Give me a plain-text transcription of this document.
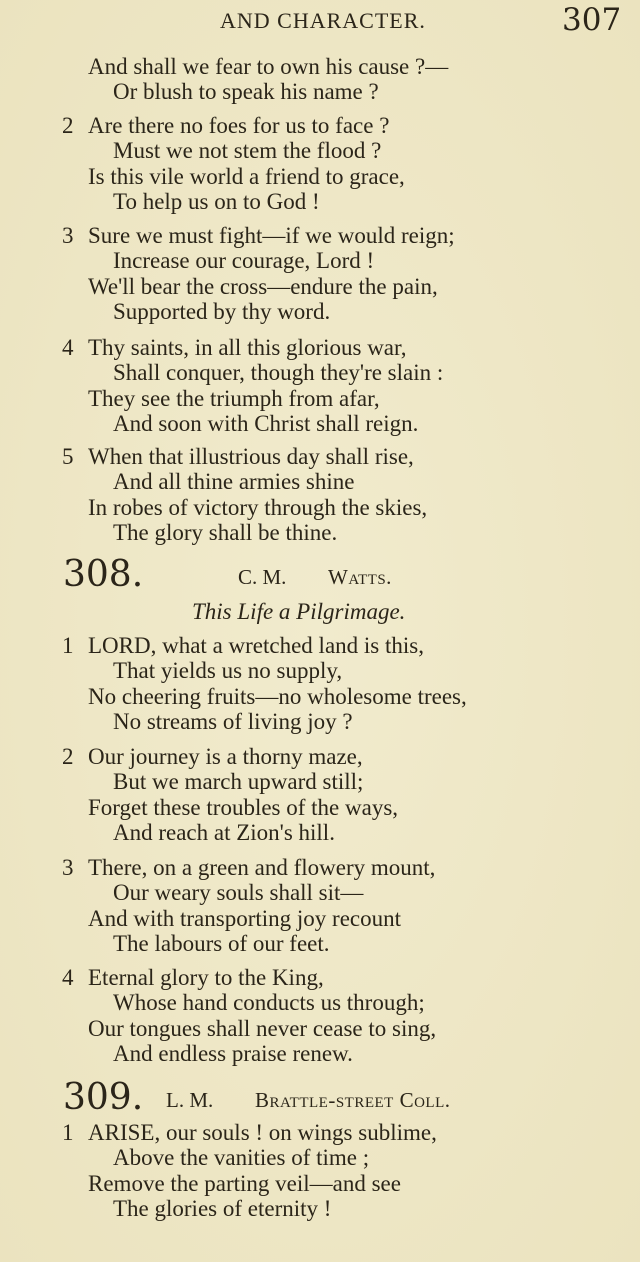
AND CHARACTER.	307
And shall we fear to own his cause ?—
Or blush to speak his name ?
2 Are there no foes for us to face ?
Must we not stem the flood ?
Is this vile world a friend to grace,
To help us on to God !
3 Sure we must fight—if we would reign;
Increase our courage, Lord !
We'll bear the cross—endure the pain,
Supported by thy word.
4 Thy saints, in all this glorious war,
Shall conquer, though they're slain :
They see the triumph from afar,
And soon with Christ shall reign.
5 When that illustrious day shall rise,
And all thine armies shine
In robes of victory through the skies,
The glory shall be thine.
308.	C. M. Watts.
This Life a Pilgrimage.
1 LORD, what a wretched land is this,
That yields us no supply,
No cheering fruits—no wholesome trees,
No streams of living joy ?
2 Our journey is a thorny maze,
But we march upward still;
Forget these troubles of the ways,
And reach at Zion's hill.
3 There, on a green and flowery mount,
Our weary souls shall sit—
And with transporting joy recount
The labours of our feet.
4 Eternal glory to the King,
Whose hand conducts us through;
Our tongues shall never cease to sing,
And endless praise renew.
309. L. M. Brattle-street Coll.
1 ARISE, our souls ! on wings sublime,
Above the vanities of time ;
Remove the parting veil—and see
The glories of eternity !
